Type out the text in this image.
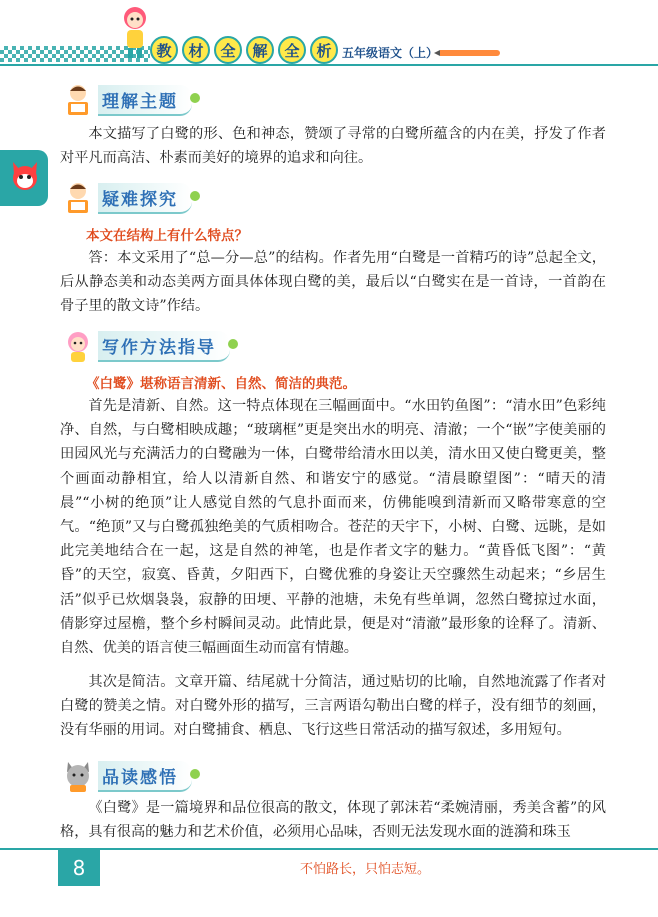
教	材	全	解	全	析 五年级语文（上）
理解主题
本文描写了白鹭的形、色和神态，赞颂了寻常的白鹭所蕴含的内在美，抒发了作者对平凡而高洁、朴素而美好的境界的追求和向往。
疑难探究
本文在结构上有什么特点？
答：本文采用了“总—分—总”的结构。作者先用“白鹭是一首精巧的诗”总起全文，后从静态美和动态美两方面具体体现白鹭的美，最后以“白鹭实在是一首诗，一首韵在骨子里的散文诗”作结。
写作方法指导
《白鹭》堪称语言清新、自然、简洁的典范。
首先是清新、自然。这一特点体现在三幅画面中。“水田钓鱼图”：“清水田”色彩纯净、自然，与白鹭相映成趣；“玻璃框”更是突出水的明亮、清澈；一个“嵌”字使美丽的田园风光与充满活力的白鹭融为一体，白鹭带给清水田以美，清水田又使白鹭更美，整个画面动静相宜，给人以清新自然、和谐安宁的感觉。“清晨瞭望图”：“晴天的清晨”“小树的绝顶”让人感觉自然的气息扑面而来，仿佛能嗅到清新而又略带寒意的空气。“绝顶”又与白鹭孤独绝美的气质相吻合。苍茫的天宇下，小树、白鹭、远眺，是如此完美地结合在一起，这是自然的神笔，也是作者文字的魅力。“黄昏低飞图”：“黄昏”的天空，寂寞、昏黄，夕阳西下，白鹭优雅的身姿让天空骤然生动起来；“乡居生活”似乎已炊烟袅袅，寂静的田埂、平静的池塘，未免有些单调，忽然白鹭掠过水面，倩影穿过屋檐，整个乡村瞬间灵动。此情此景，便是对“清澈”最形象的诠释了。清新、自然、优美的语言使三幅画面生动而富有情趣。
其次是简洁。文章开篇、结尾就十分简洁，通过贴切的比喻，自然地流露了作者对白鹭的赞美之情。对白鹭外形的描写，三言两语勾勒出白鹭的样子，没有细节的刻画，没有华丽的用词。对白鹭捕食、栖息、飞行这些日常活动的描写叙述，多用短句。
品读感悟
《白鹭》是一篇境界和品位很高的散文，体现了郭沫若“柔婉清丽，秀美含蓄”的风格，具有很高的魅力和艺术价值，必须用心品味，否则无法发现水面的涟漪和珠玉
8	不怕路长，只怕志短。
